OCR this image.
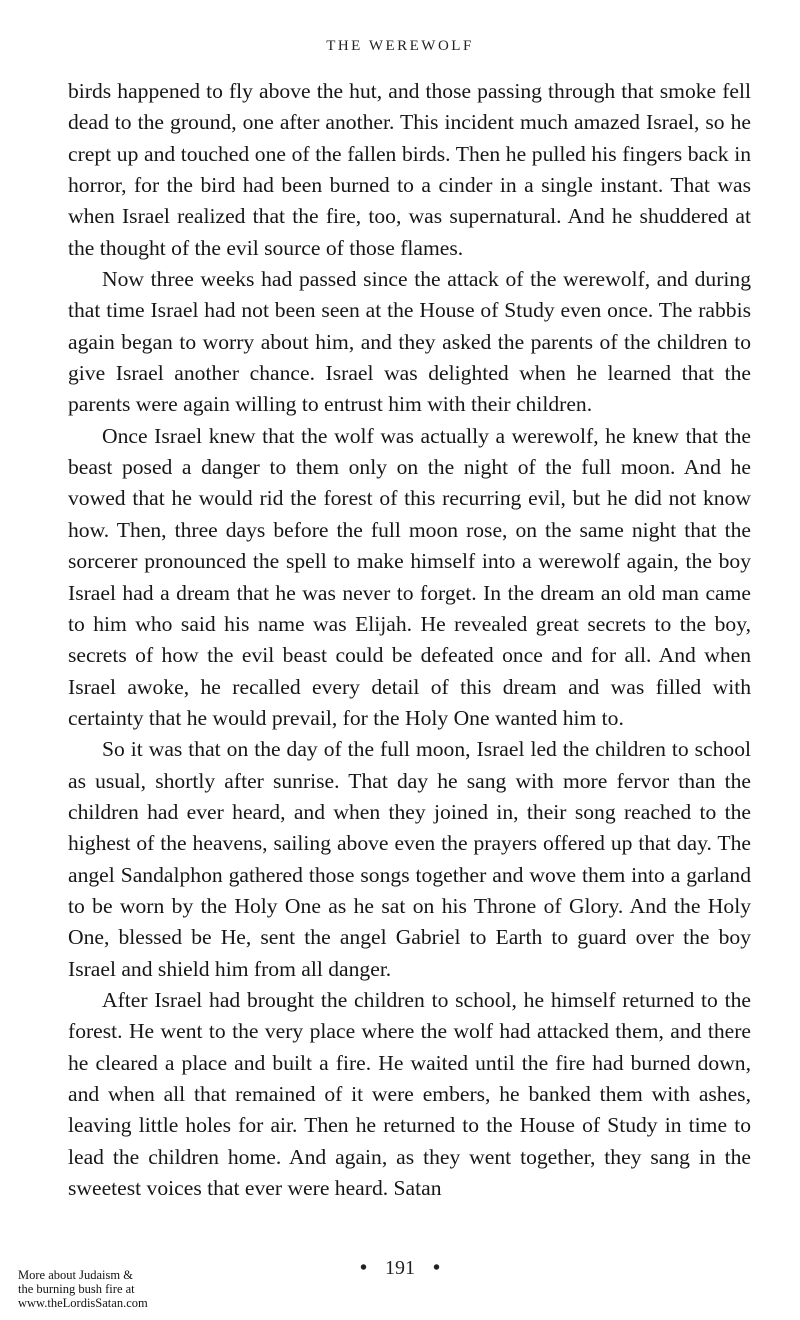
THE WEREWOLF

birds happened to fly above the hut, and those passing through that smoke fell dead to the ground, one after another. This incident much amazed Israel, so he crept up and touched one of the fallen birds. Then he pulled his fingers back in horror, for the bird had been burned to a cinder in a single instant. That was when Israel realized that the fire, too, was supernatural. And he shuddered at the thought of the evil source of those flames.

Now three weeks had passed since the attack of the werewolf, and during that time Israel had not been seen at the House of Study even once. The rabbis again began to worry about him, and they asked the parents of the children to give Israel another chance. Israel was delighted when he learned that the parents were again willing to entrust him with their children.

Once Israel knew that the wolf was actually a werewolf, he knew that the beast posed a danger to them only on the night of the full moon. And he vowed that he would rid the forest of this recurring evil, but he did not know how. Then, three days before the full moon rose, on the same night that the sorcerer pronounced the spell to make himself into a werewolf again, the boy Israel had a dream that he was never to forget. In the dream an old man came to him who said his name was Elijah. He revealed great secrets to the boy, secrets of how the evil beast could be defeated once and for all. And when Israel awoke, he recalled every detail of this dream and was filled with certainty that he would prevail, for the Holy One wanted him to.

So it was that on the day of the full moon, Israel led the children to school as usual, shortly after sunrise. That day he sang with more fervor than the children had ever heard, and when they joined in, their song reached to the highest of the heavens, sailing above even the prayers offered up that day. The angel Sandalphon gathered those songs together and wove them into a garland to be worn by the Holy One as he sat on his Throne of Glory. And the Holy One, blessed be He, sent the angel Gabriel to Earth to guard over the boy Israel and shield him from all danger.

After Israel had brought the children to school, he himself returned to the forest. He went to the very place where the wolf had attacked them, and there he cleared a place and built a fire. He waited until the fire had burned down, and when all that remained of it were embers, he banked them with ashes, leaving little holes for air. Then he returned to the House of Study in time to lead the children home. And again, as they went together, they sang in the sweetest voices that ever were heard. Satan

• 191 •
More about Judaism &
the burning bush fire at
www.theLordisSatan.com
